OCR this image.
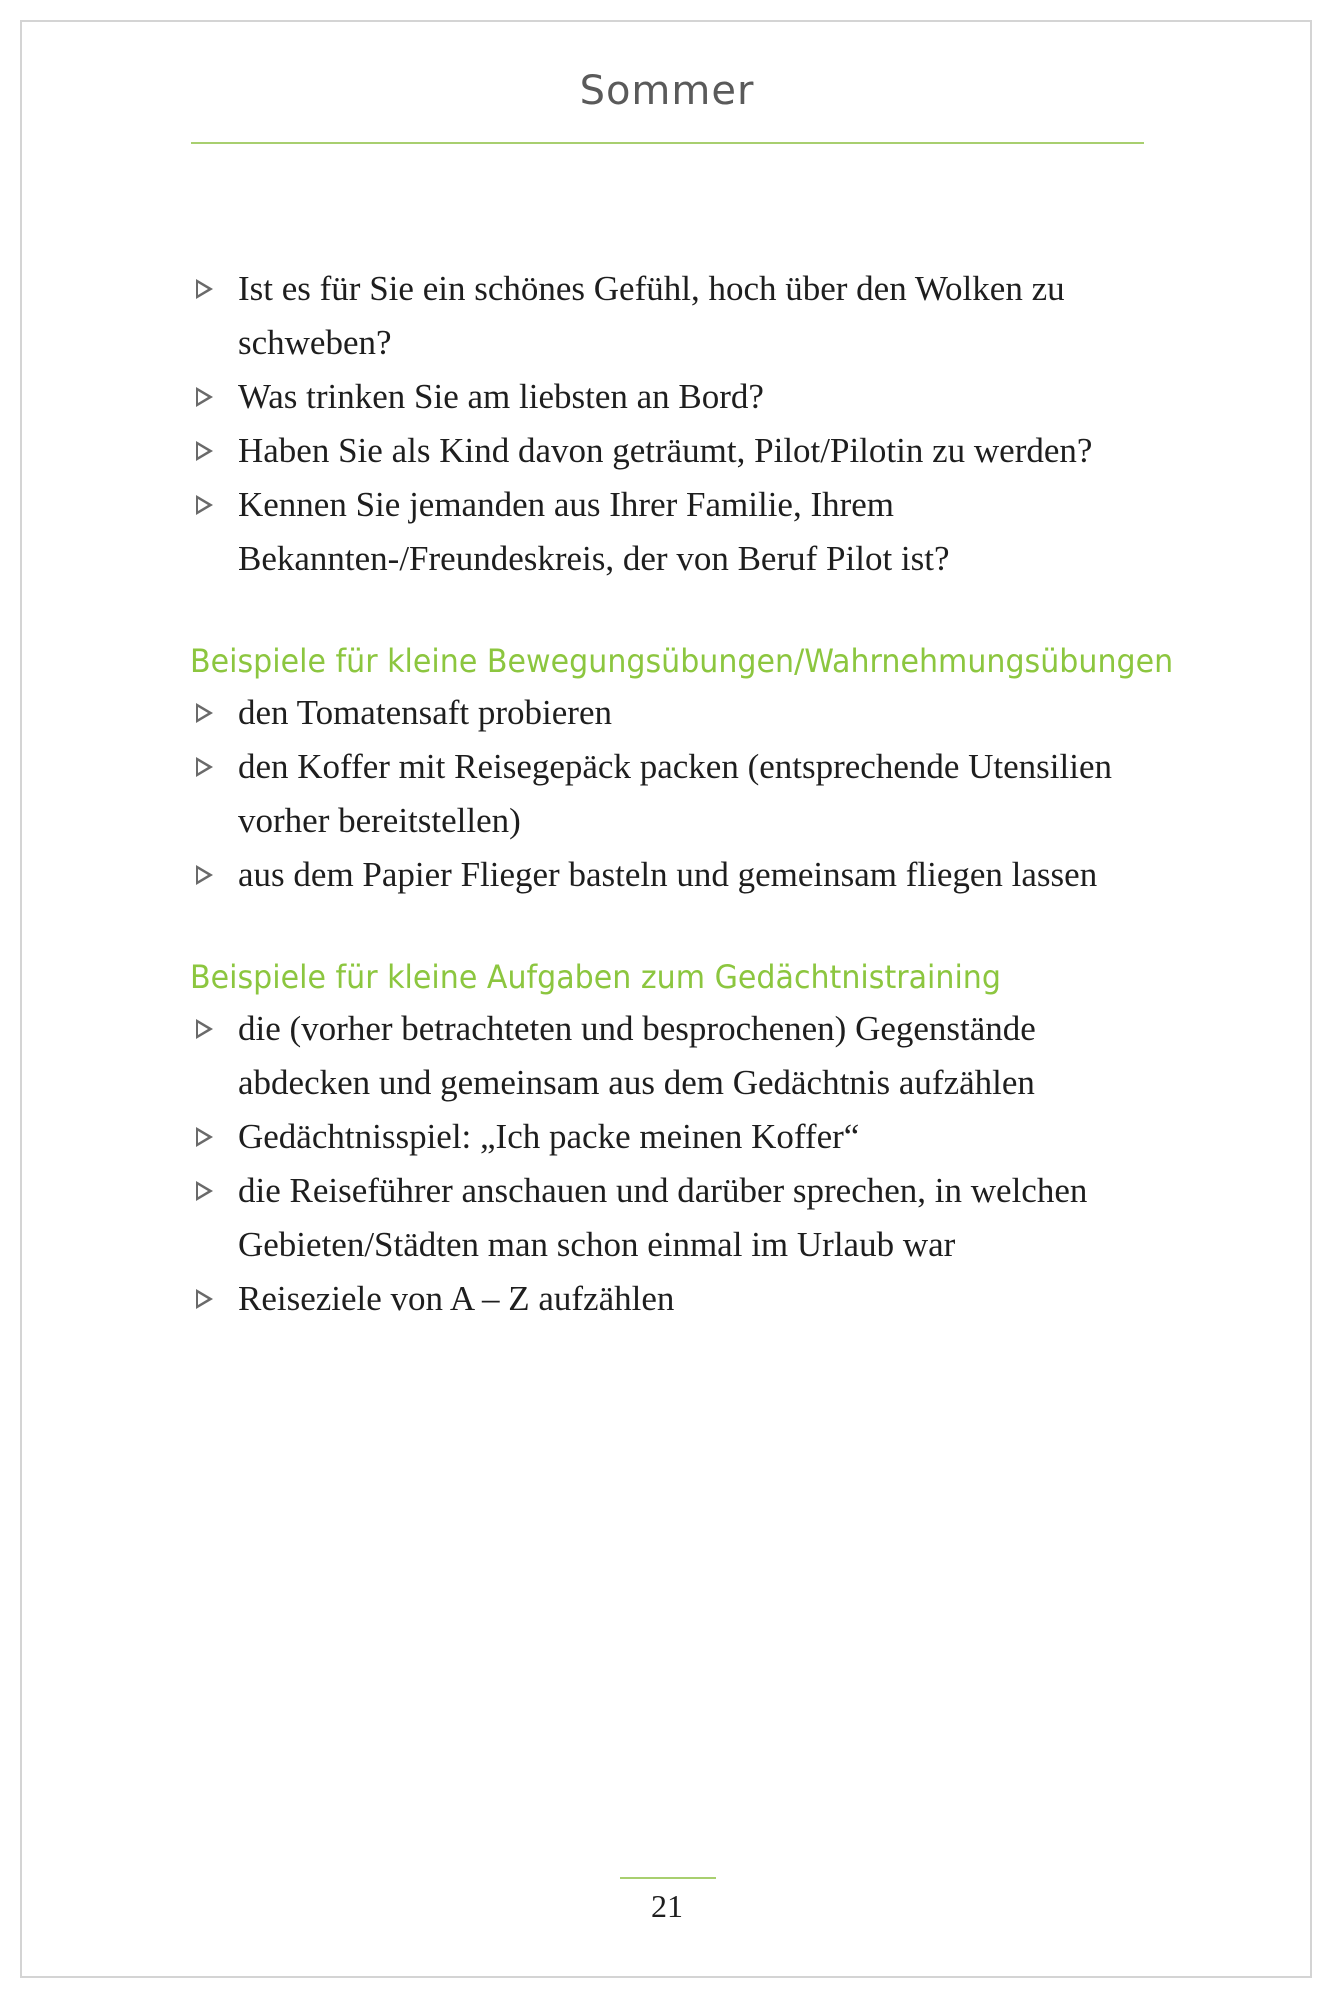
Sommer
Ist es für Sie ein schönes Gefühl, hoch über den Wolken zu schweben?
Was trinken Sie am liebsten an Bord?
Haben Sie als Kind davon geträumt, Pilot/Pilotin zu werden?
Kennen Sie jemanden aus Ihrer Familie, Ihrem Bekannten-/Freundeskreis, der von Beruf Pilot ist?
Beispiele für kleine Bewegungsübungen/Wahrnehmungsübungen
den Tomatensaft probieren
den Koffer mit Reisegepäck packen (entsprechende Utensilien vorher bereitstellen)
aus dem Papier Flieger basteln und gemeinsam fliegen lassen
Beispiele für kleine Aufgaben zum Gedächtnistraining
die (vorher betrachteten und besprochenen) Gegenstände abdecken und gemeinsam aus dem Gedächtnis aufzählen
Gedächtnisspiel: „Ich packe meinen Koffer“
die Reiseführer anschauen und darüber sprechen, in welchen Gebieten/Städten man schon einmal im Urlaub war
Reiseziele von A – Z aufzählen
21
